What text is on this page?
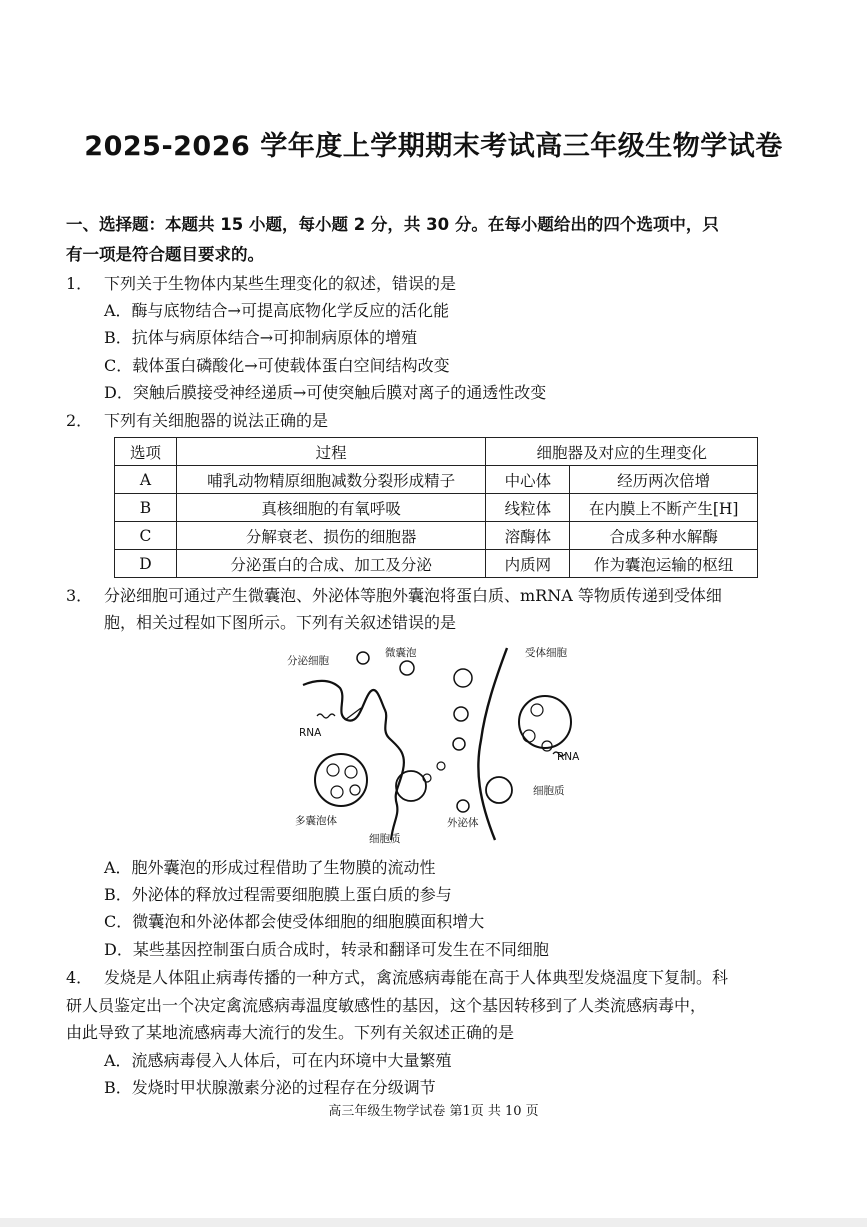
2025-2026 学年度上学期期末考试高三年级生物学试卷
一、选择题：本题共 15 小题，每小题 2 分，共 30 分。在每小题给出的四个选项中，只
有一项是符合题目要求的。
1． 下列关于生物体内某些生理变化的叙述，错误的是
A．酶与底物结合→可提高底物化学反应的活化能
B．抗体与病原体结合→可抑制病原体的增殖
C．载体蛋白磷酸化→可使载体蛋白空间结构改变
D．突触后膜接受神经递质→可使突触后膜对离子的通透性改变
2． 下列有关细胞器的说法正确的是
选项	过程	细胞器及对应的生理变化	
A	哺乳动物精原细胞减数分裂形成精子	中心体	经历两次倍增
B	真核细胞的有氧呼吸	线粒体	在内膜上不断产生[H]
C	分解衰老、损伤的细胞器	溶酶体	合成多种水解酶
D	分泌蛋白的合成、加工及分泌	内质网	作为囊泡运输的枢纽
3． 分泌细胞可通过产生微囊泡、外泌体等胞外囊泡将蛋白质、mRNA 等物质传递到受体细
胞，相关过程如下图所示。下列有关叙述错误的是
分泌细胞
微囊泡	受体细胞
RNA
RNA
多囊泡体
细胞质
外泌体
细胞质
A．胞外囊泡的形成过程借助了生物膜的流动性
B．外泌体的释放过程需要细胞膜上蛋白质的参与
C．微囊泡和外泌体都会使受体细胞的细胞膜面积增大
D．某些基因控制蛋白质合成时，转录和翻译可发生在不同细胞
4． 发烧是人体阻止病毒传播的一种方式，禽流感病毒能在高于人体典型发烧温度下复制。科
研人员鉴定出一个决定禽流感病毒温度敏感性的基因，这个基因转移到了人类流感病毒中，
由此导致了某地流感病毒大流行的发生。下列有关叙述正确的是
A．流感病毒侵入人体后，可在内环境中大量繁殖
B．发烧时甲状腺激素分泌的过程存在分级调节
高三年级生物学试卷 第1页 共 10 页
